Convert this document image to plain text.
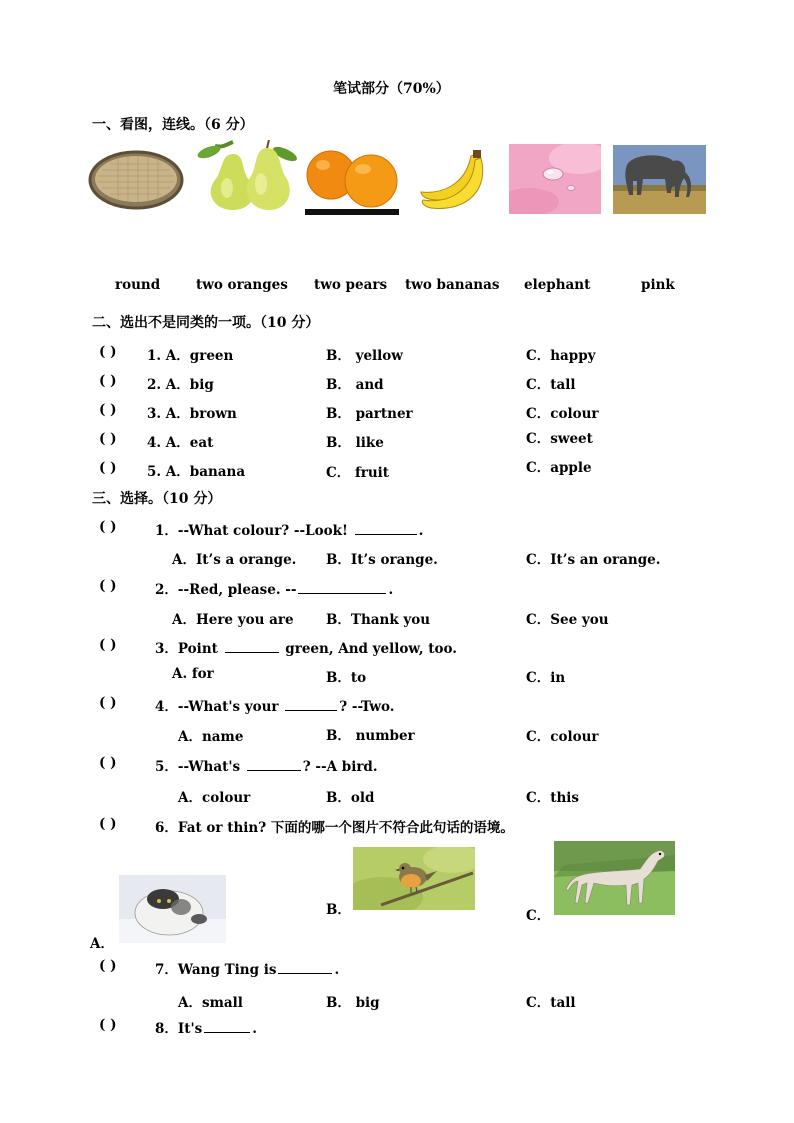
笔试部分（70%）
一、看图，连线。（6 分）
round	two oranges two pears two bananas elephant	pink
二、选出不是同类的一项。（10 分）
( ) 1. A．green	B． yellow	C．happy
( ) 2. A．big	B． and	C．tall
( ) 3. A．brown	B． partner	C．colour
( ) 4. A．eat	B． like	C．sweet
( ) 5. A．banana	C． fruit	C．apple
三、选择。（10 分）
( )	1．--What colour? --Look!	.
A．It’s a orange. B．It’s orange.	C．It’s an orange.
( )	2．--Red, please. --	.
A．Here you are B．Thank you	C．See you
( )	3．Point	green, And yellow, too.
A. for	B．to	C．in
( )	4．--What's your	? --Two.
A．name	B． number	C．colour
( )	5．--What's	? --A bird.
A．colour	B．old	C．this
( )	6．Fat or thin? 下面的哪一个图片不符合此句话的语境。
A．
B．	C．
( )	7．Wang Ting is	.
A．small	B． big	C．tall
( )	8．It's	.
